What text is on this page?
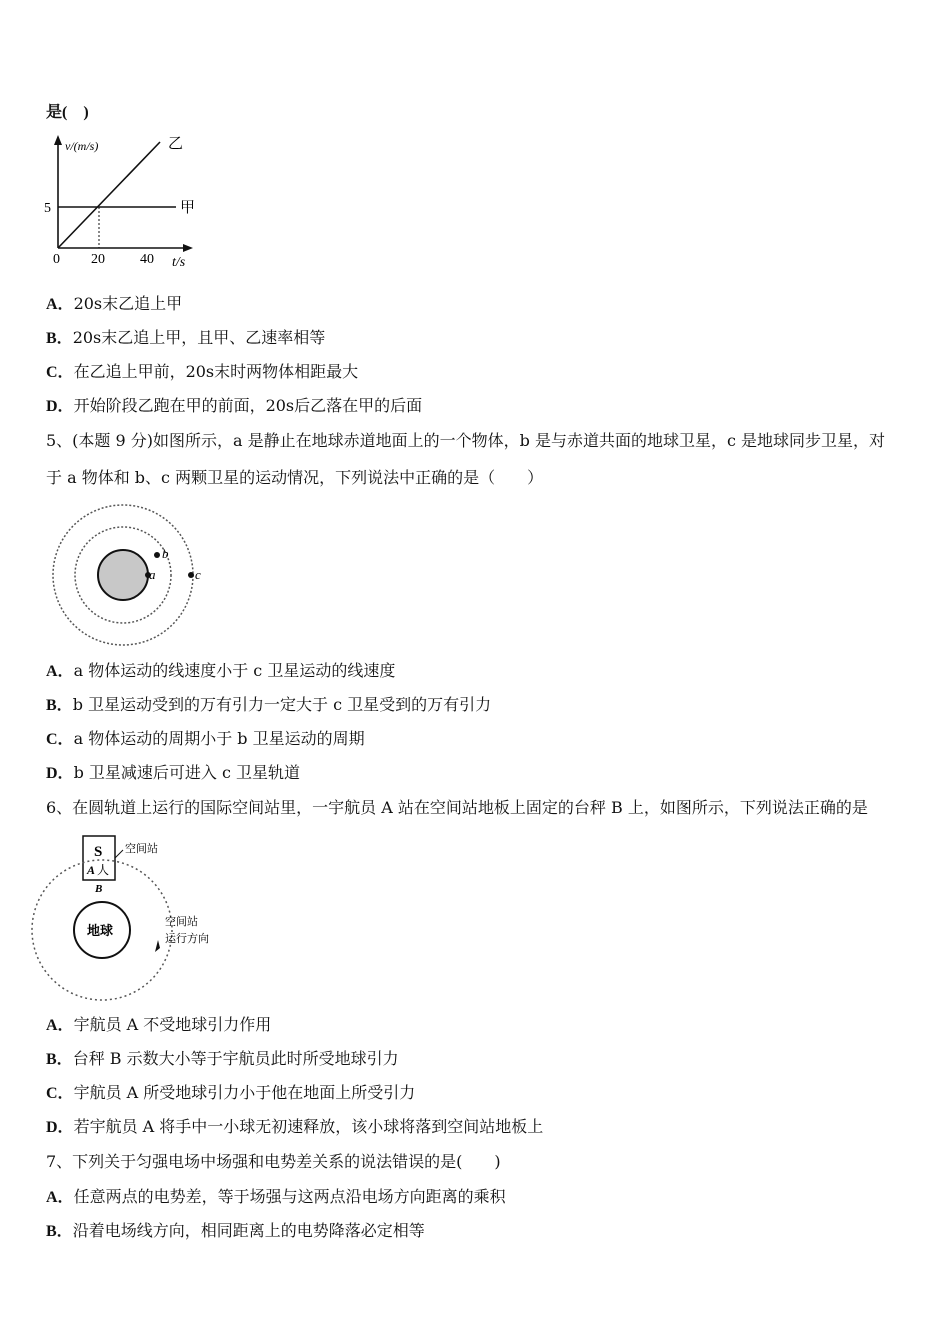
是(　)
v/(m/s)
5
0 20	40 t/s
乙
甲
A．20s末乙追上甲
B．20s末乙追上甲，且甲、乙速率相等
C．在乙追上甲前，20s末时两物体相距最大
D．开始阶段乙跑在甲的前面，20s后乙落在甲的后面
5、(本题 9 分)如图所示，a 是静止在地球赤道地面上的一个物体，b 是与赤道共面的地球卫星，c 是地球同步卫星，对
于 a 物体和 b、c 两颗卫星的运动情况，下列说法中正确的是（　　）
a
b
c
A．a 物体运动的线速度小于 c 卫星运动的线速度
B．b 卫星运动受到的万有引力一定大于 c 卫星受到的万有引力
C．a 物体运动的周期小于 b 卫星运动的周期
D．b 卫星减速后可进入 c 卫星轨道
6、在圆轨道上运行的国际空间站里，一宇航员 A 站在空间站地板上固定的台秤 B 上，如图所示，下列说法正确的是
S
A 人
空间站
B
地球
空间站
运行方向
A．宇航员 A 不受地球引力作用
B．台秤 B 示数大小等于宇航员此时所受地球引力
C．宇航员 A 所受地球引力小于他在地面上所受引力
D．若宇航员 A 将手中一小球无初速释放，该小球将落到空间站地板上
7、下列关于匀强电场中场强和电势差关系的说法错误的是(　　)
A．任意两点的电势差，等于场强与这两点沿电场方向距离的乘积
B．沿着电场线方向，相同距离上的电势降落必定相等
